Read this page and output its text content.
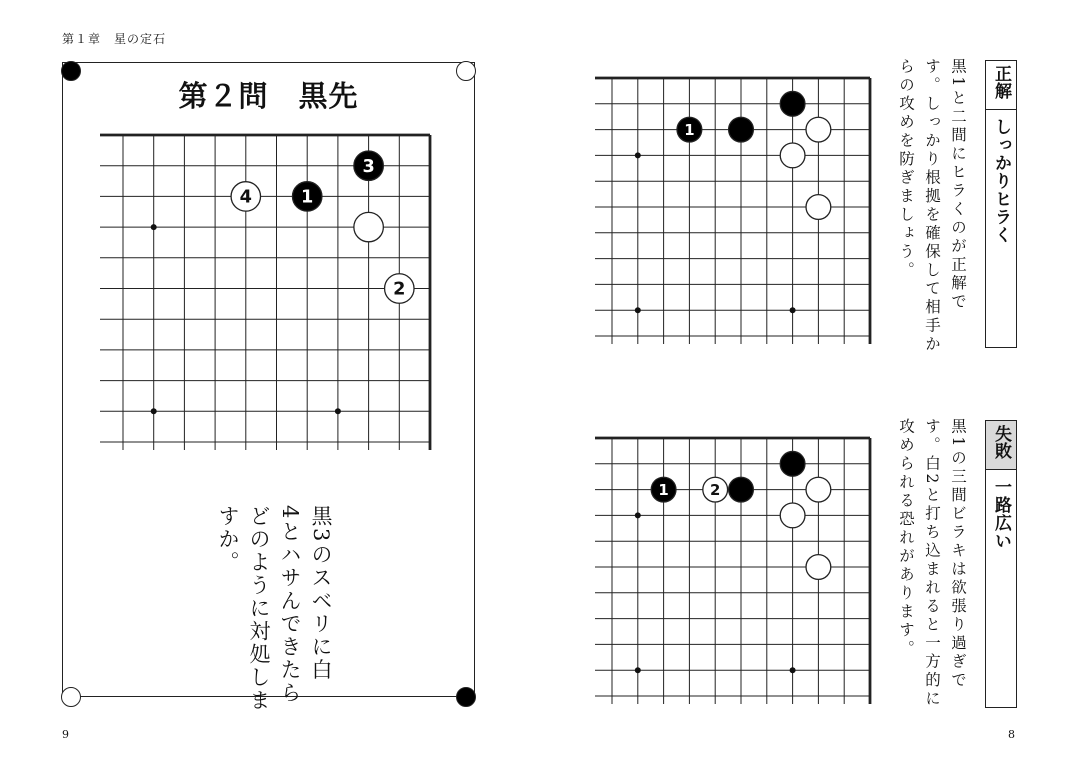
第１章　星の定石
9	8
第２問　黒先
1
2
3
4
黒3のスベリに白
4とハサんできたら
どのように対処しま
すか。
1
正解
しっかりヒラく
黒1と二間にヒラくのが正解で
す。しっかり根拠を確保して相手か
らの攻めを防ぎましょう。
1	2
失敗
一路広い
黒1の三間ビラキは欲張り過ぎで
す。白2と打ち込まれると一方的に
攻められる恐れがあります。
